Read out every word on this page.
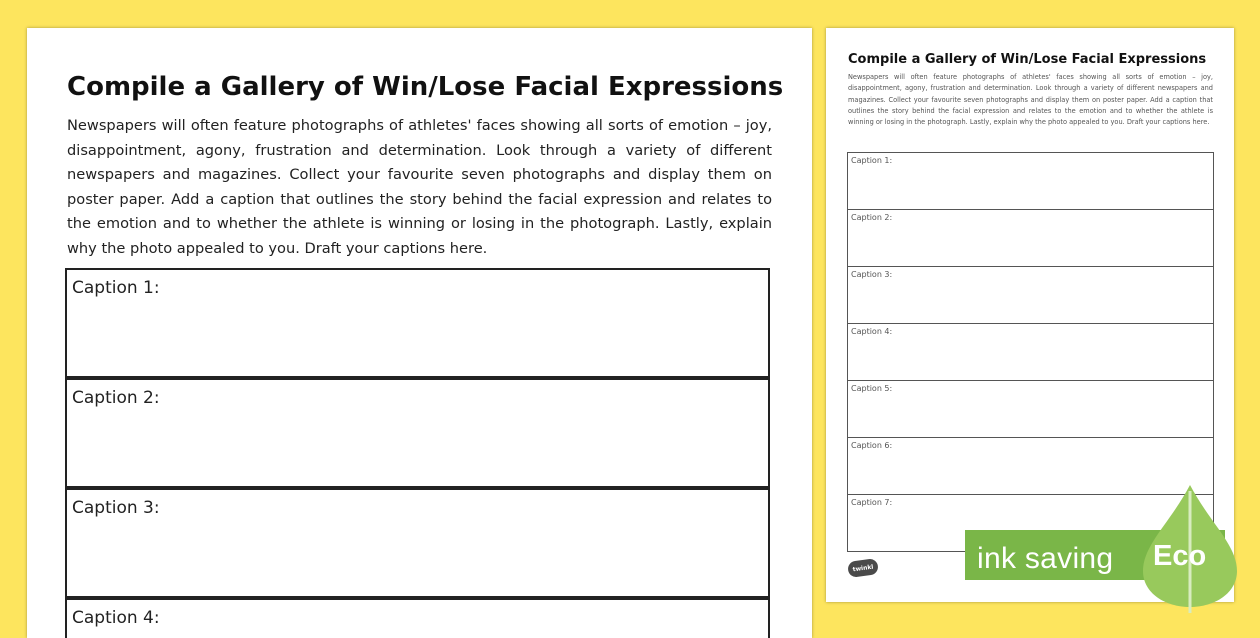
Compile a Gallery of Win/Lose Facial Expressions

Newspapers will often feature photographs of athletes' faces showing all sorts of emotion – joy, disappointment, agony, frustration and determination. Look through a variety of different newspapers and magazines. Collect your favourite seven photographs and display them on poster paper. Add a caption that outlines the story behind the facial expression and relates to the emotion and to whether the athlete is winning or losing in the photograph. Lastly, explain why the photo appealed to you. Draft your captions here.

Caption 1:
Caption 2:
Caption 3:
Caption 4:
Compile a Gallery of Win/Lose Facial Expressions

Newspapers will often feature photographs of athletes' faces showing all sorts of emotion – joy, disappointment, agony, frustration and determination. Look through a variety of different newspapers and magazines. Collect your favourite seven photographs and display them on poster paper. Add a caption that outlines the story behind the facial expression and relates to the emotion and to whether the athlete is winning or losing in the photograph. Lastly, explain why the photo appealed to you. Draft your captions here.

Caption 1:
Caption 2:
Caption 3:
Caption 4:
Caption 5:
Caption 6:
Caption 7:
twinkl	ink saving Eco
